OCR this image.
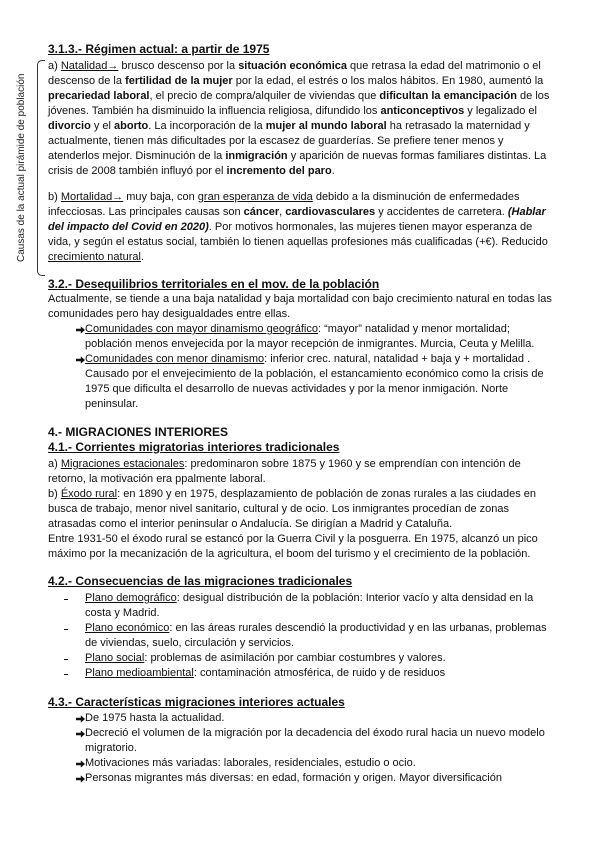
Causas de la actual pirámide de población
3.1.3.- Régimen actual: a partir de 1975

a) Natalidad→ brusco descenso por la situación económica que retrasa la edad del matrimonio o el descenso de la fertilidad de la mujer por la edad, el estrés o los malos hábitos. En 1980, aumentó la precariedad laboral, el precio de compra/alquiler de viviendas que dificultan la emancipación de los jóvenes. También ha disminuido la influencia religiosa, difundido los anticonceptivos y legalizado el divorcio y el aborto. La incorporación de la mujer al mundo laboral ha retrasado la maternidad y actualmente, tienen más dificultades por la escasez de guarderías. Se prefiere tener menos y atenderlos mejor. Disminución de la inmigración y aparición de nuevas formas familiares distintas. La crisis de 2008 también influyó por el incremento del paro.

b) Mortalidad→ muy baja, con gran esperanza de vida debido a la disminución de enfermedades infecciosas. Las principales causas son cáncer, cardiovasculares y accidentes de carretera. (Hablar del impacto del Covid en 2020). Por motivos hormonales, las mujeres tienen mayor esperanza de vida, y según el estatus social, también lo tienen aquellas profesiones más cualificadas (+€). Reducido crecimiento natural.

3.2.- Desequilibrios territoriales en el mov. de la población

Actualmente, se tiende a una baja natalidad y baja mortalidad con bajo crecimiento natural en todas las comunidades pero hay desigualdades entre ellas.

Comunidades con mayor dinamismo geográfico: “mayor” natalidad y menor mortalidad; población menos envejecida por la mayor recepción de inmigrantes. Murcia, Ceuta y Melilla.
Comunidades con menor dinamismo: inferior crec. natural, natalidad + baja y + mortalidad . Causado por el envejecimiento de la población, el estancamiento económico como la crisis de 1975 que dificulta el desarrollo de nuevas actividades y por la menor inmigación. Norte peninsular.
4.- MIGRACIONES INTERIORES
4.1.- Corrientes migratorias interiores tradicionales

a) Migraciones estacionales: predominaron sobre 1875 y 1960 y se emprendían con intención de retorno, la motivación era ppalmente laboral.

b) Éxodo rural: en 1890 y en 1975, desplazamiento de población de zonas rurales a las ciudades en busca de trabajo, menor nivel sanitario, cultural y de ocio. Los inmigrantes procedían de zonas atrasadas como el interior peninsular o Andalucía. Se dirigían a Madrid y Cataluña.

Entre 1931-50 el éxodo rural se estancó por la Guerra Civil y la posguerra. En 1975, alcanzó un pico máximo por la mecanización de la agricultura, el boom del turismo y el crecimiento de la población.

4.2.- Consecuencias de las migraciones tradicionales
Plano demográfico: desigual distribución de la población: Interior vacío y alta densidad en la costa y Madrid.
Plano económico: en las áreas rurales descendió la productividad y en las urbanas, problemas de viviendas, suelo, circulación y servicios.
Plano social: problemas de asimilación por cambiar costumbres y valores.
Plano medioambiental: contaminación atmosférica, de ruido y de residuos
4.3.- Características migraciones interiores actuales
De 1975 hasta la actualidad.
Decreció el volumen de la migración por la decadencia del éxodo rural hacia un nuevo modelo migratorio.
Motivaciones más variadas: laborales, residenciales, estudio o ocio.
Personas migrantes más diversas: en edad, formación y origen. Mayor diversificación
